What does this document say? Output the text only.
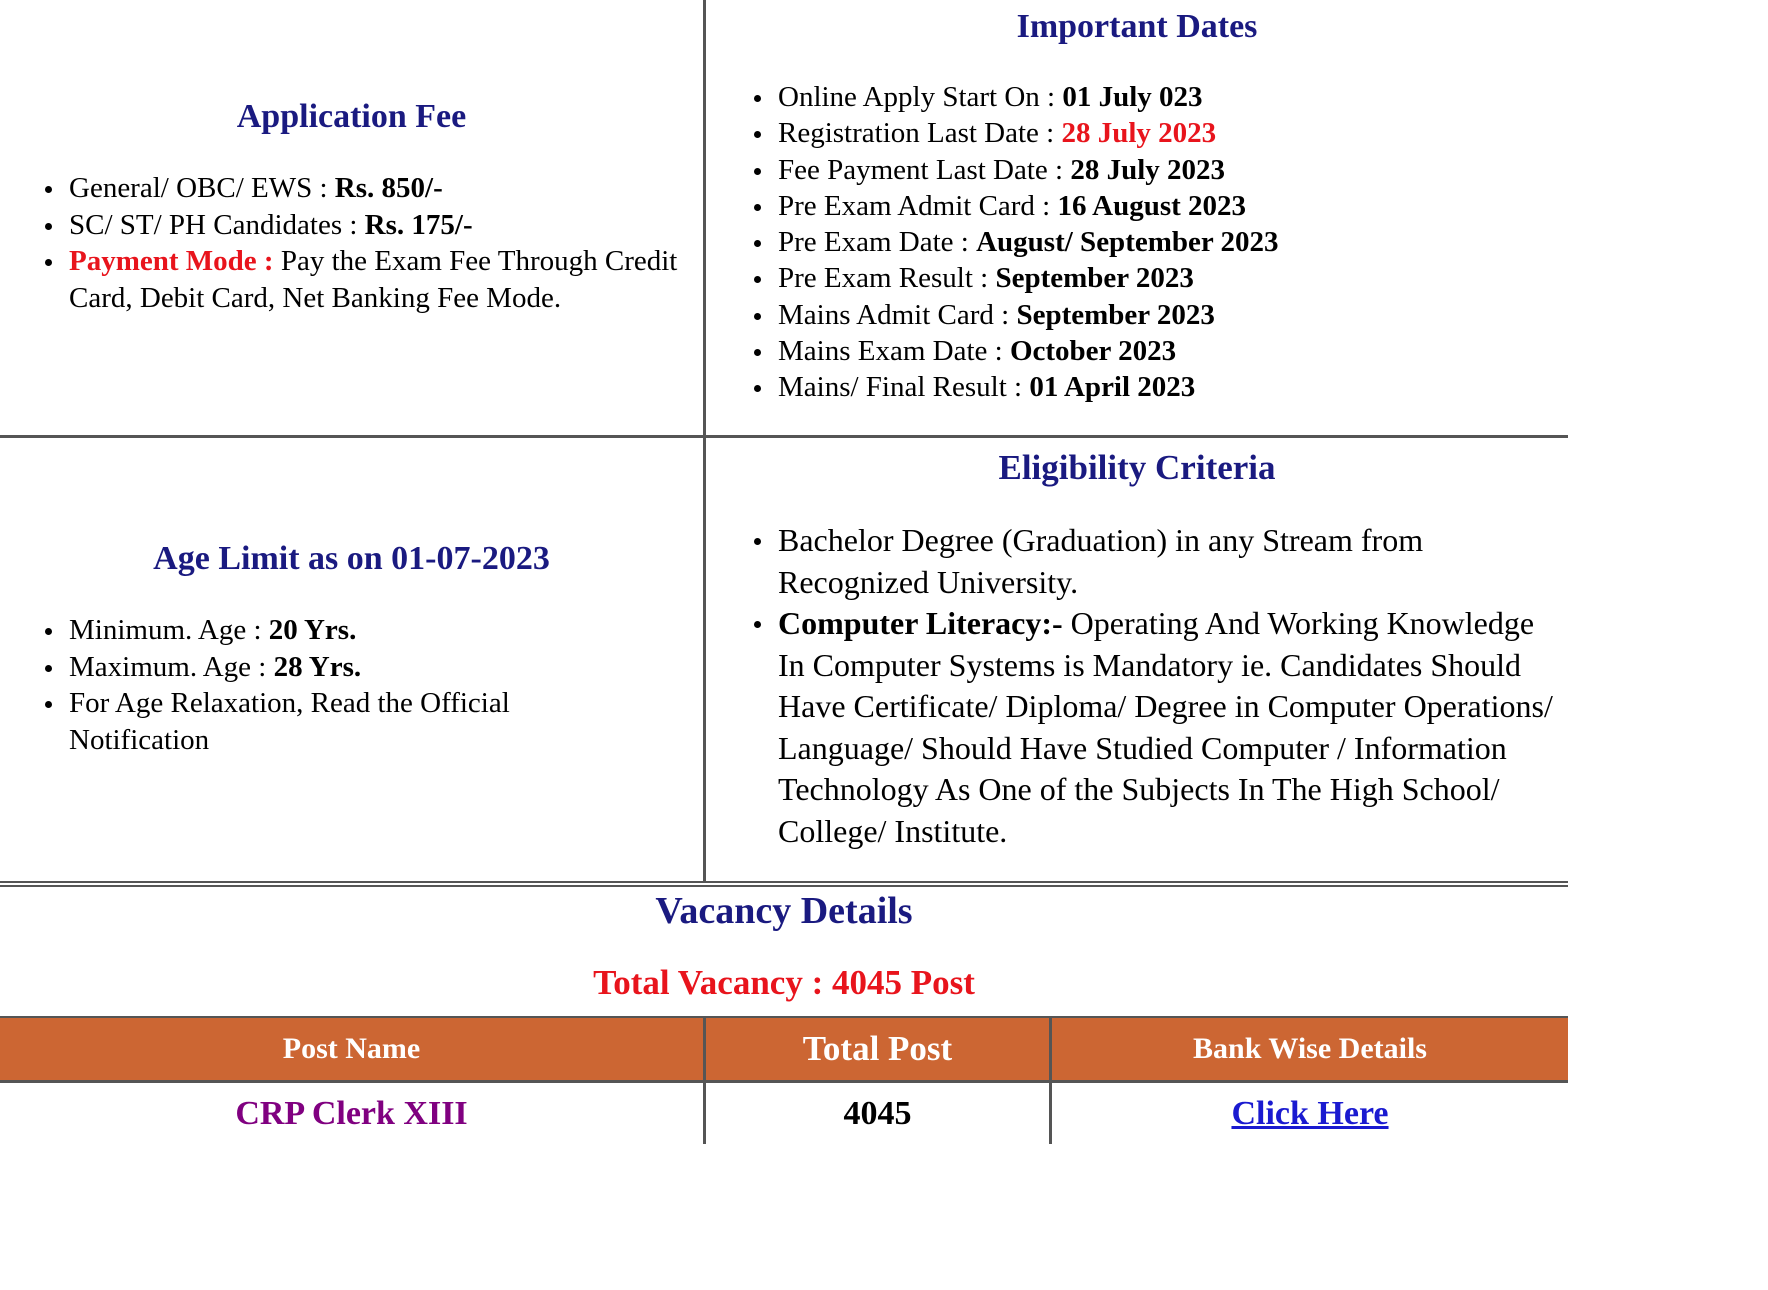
Application Fee
General/ OBC/ EWS : Rs. 850/-
SC/ ST/ PH Candidates : Rs. 175/-
Payment Mode : Pay the Exam Fee Through Credit Card, Debit Card, Net Banking Fee Mode.
Important Dates
Online Apply Start On : 01 July 023
Registration Last Date : 28 July 2023
Fee Payment Last Date : 28 July 2023
Pre Exam Admit Card : 16 August 2023
Pre Exam Date : August/ September 2023
Pre Exam Result : September 2023
Mains Admit Card : September 2023
Mains Exam Date : October 2023
Mains/ Final Result : 01 April 2023
Age Limit as on 01-07-2023
Minimum. Age : 20 Yrs.
Maximum. Age : 28 Yrs.
For Age Relaxation, Read the Official Notification
Eligibility Criteria
Bachelor Degree (Graduation) in any Stream from Recognized University.
Computer Literacy:- Operating And Working Knowledge In Computer Systems is Mandatory ie. Candidates Should Have Certificate/ Diploma/ Degree in Computer Operations/ Language/ Should Have Studied Computer / Information Technology As One of the Subjects In The High School/ College/ Institute.
Vacancy Details
Total Vacancy : 4045 Post
Post Name	Total Post	Bank Wise Details
CRP Clerk XIII	4045	Click Here
